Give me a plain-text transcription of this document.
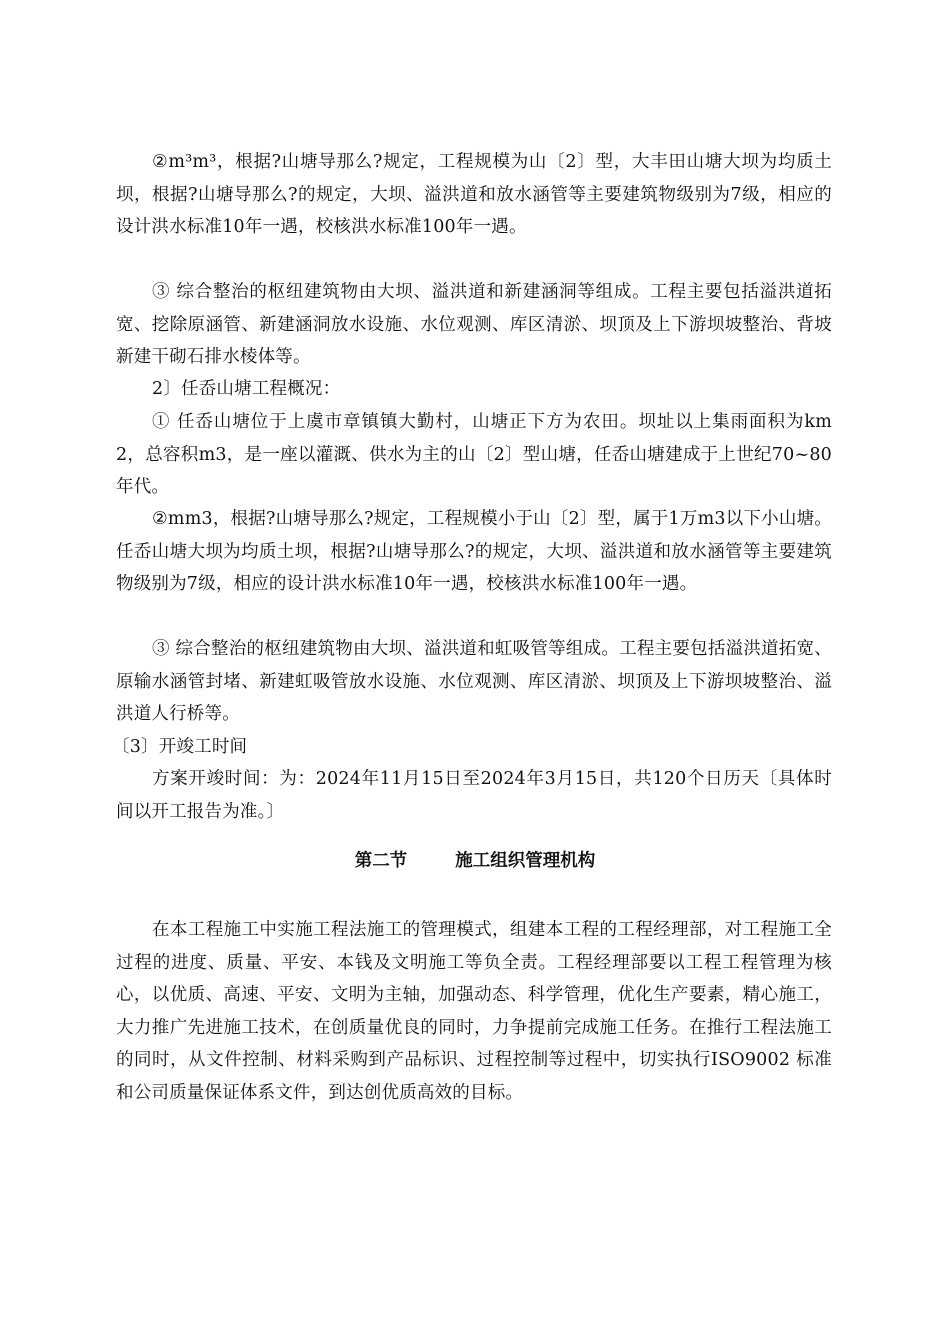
②m³m³，根据?山塘导那么?规定，工程规模为山〔2〕型，大丰田山塘大坝为均质土坝，根据?山塘导那么?的规定，大坝、溢洪道和放水涵管等主要建筑物级别为7级，相应的设计洪水标准10年一遇，校核洪水标准100年一遇。

③ 综合整治的枢纽建筑物由大坝、溢洪道和新建涵洞等组成。工程主要包括溢洪道拓宽、挖除原涵管、新建涵洞放水设施、水位观测、库区清淤、坝顶及上下游坝坡整治、背坡新建干砌石排水棱体等。

2〕任岙山塘工程概况：

① 任岙山塘位于上虞市章镇镇大勤村，山塘正下方为农田。坝址以上集雨面积为km2，总容积m3，是一座以灌溉、供水为主的山〔2〕型山塘，任岙山塘建成于上世纪70~80年代。

②mm3，根据?山塘导那么?规定，工程规模小于山〔2〕型，属于1万m3以下小山塘。任岙山塘大坝为均质土坝，根据?山塘导那么?的规定，大坝、溢洪道和放水涵管等主要建筑物级别为7级，相应的设计洪水标准10年一遇，校核洪水标准100年一遇。

③ 综合整治的枢纽建筑物由大坝、溢洪道和虹吸管等组成。工程主要包括溢洪道拓宽、原输水涵管封堵、新建虹吸管放水设施、水位观测、库区清淤、坝顶及上下游坝坡整治、溢洪道人行桥等。

〔3〕开竣工时间

方案开竣时间：为：2024年11月15日至2024年3月15日，共120个日历天〔具体时间以开工报告为准。〕

第二节	施工组织管理机构

在本工程施工中实施工程法施工的管理模式，组建本工程的工程经理部，对工程施工全过程的进度、质量、平安、本钱及文明施工等负全责。工程经理部要以工程工程管理为核心，以优质、高速、平安、文明为主轴，加强动态、科学管理，优化生产要素，精心施工，大力推广先进施工技术，在创质量优良的同时，力争提前完成施工任务。在推行工程法施工的同时，从文件控制、材料采购到产品标识、过程控制等过程中，切实执行ISO9002 标准和公司质量保证体系文件，到达创优质高效的目标。
